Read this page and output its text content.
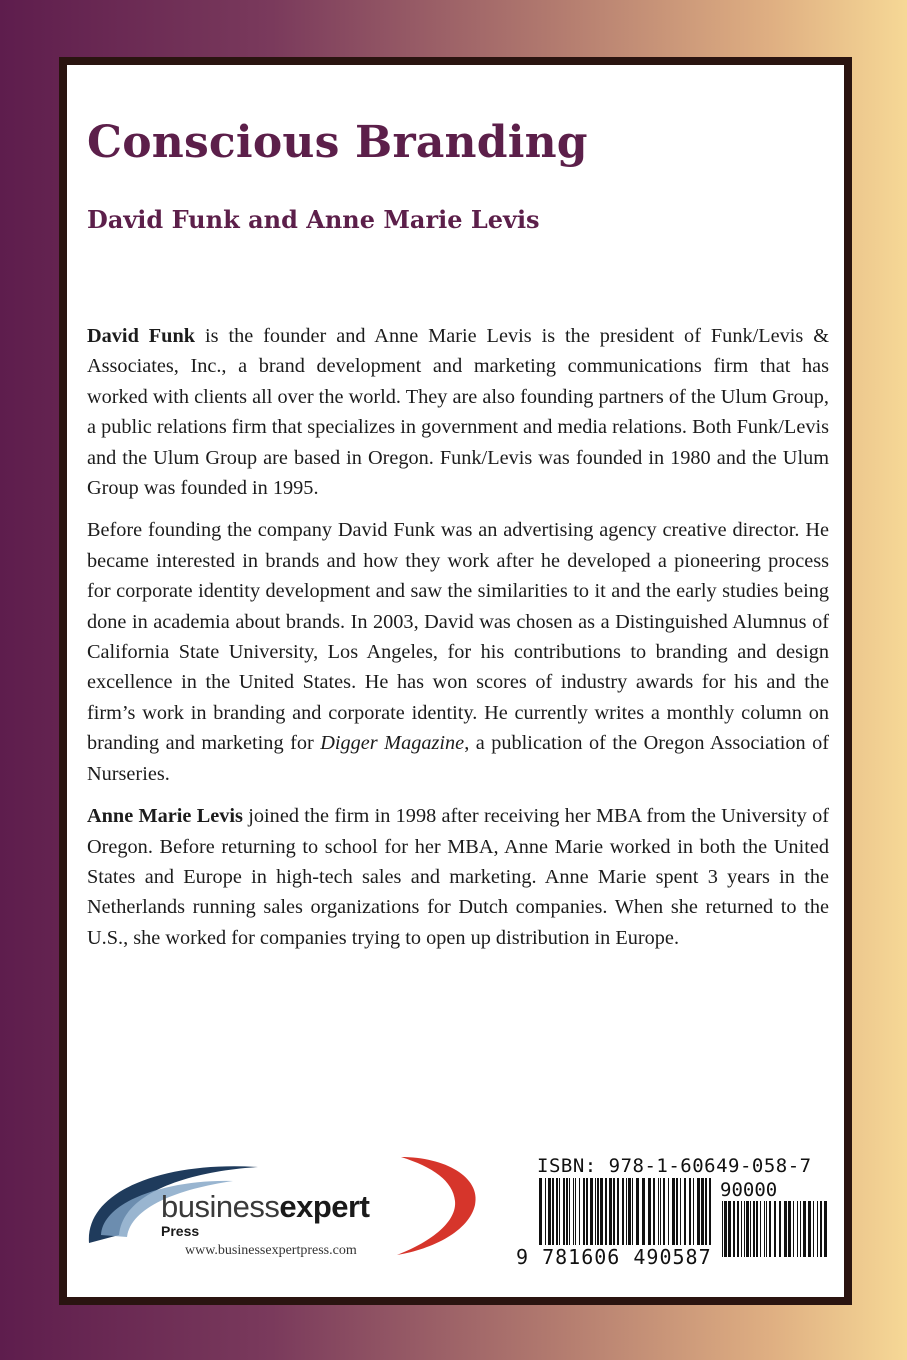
Conscious Branding
David Funk and Anne Marie Levis

David Funk is the founder and Anne Marie Levis is the president of Funk/Levis & Associates, Inc., a brand development and marketing communications firm that has worked with clients all over the world. They are also founding partners of the Ulum Group, a public relations firm that specializes in government and media relations. Both Funk/Levis and the Ulum Group are based in Oregon. Funk/Levis was founded in 1980 and the Ulum Group was founded in 1995.

Before founding the company David Funk was an advertising agency creative director. He became interested in brands and how they work after he developed a pioneering process for corporate identity development and saw the similarities to it and the early studies being done in academia about brands. In 2003, David was chosen as a Distinguished Alumnus of California State University, Los Angeles, for his contributions to branding and design excellence in the United States. He has won scores of industry awards for his and the firm’s work in branding and corporate identity. He currently writes a monthly column on branding and marketing for Digger Magazine, a publication of the Oregon Association of Nurseries.

Anne Marie Levis joined the firm in 1998 after receiving her MBA from the University of Oregon. Before returning to school for her MBA, Anne Marie worked in both the United States and Europe in high-tech sales and marketing. Anne Marie spent 3 years in the Netherlands running sales organizations for Dutch companies. When she returned to the U.S., she worked for companies trying to open up distribution in Europe.

businessexpert

Press

www.businessexpertpress.com

ISBN: 978-1-60649-058-7

90000

9 781606 490587
